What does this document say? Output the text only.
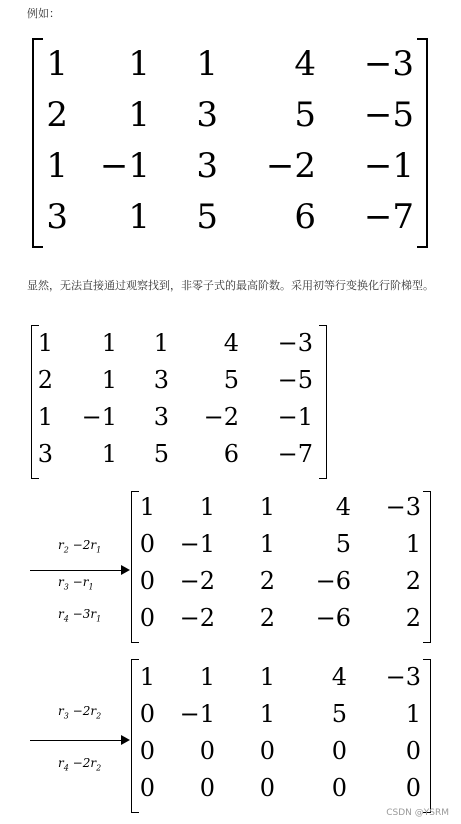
例如：
1 1 1 4 −3
2 1 3 5 −5
1 −1 3 −2 −1
3 1 5 6 −7
显然，无法直接通过观察找到，非零子式的最高阶数。采用初等行变换化行阶梯型。
1 1 1 4 −3
2 1 3 5 −5
1 −1 3 −2 −1
3 1 5 6 −7
$r_2 -2r_1$
$r_3 -r_1$
$r_4 -3r_1$
1 1 1	4 −3
0 −1 1	5 1
0 −2 2 −6 2
0 −2 2 −6 2
$r_3 -2r_2$
$r_4 -2r_2$
1 1 1 4 −3
0 −1 1 5 1
0 0 0 0 0
0 0 0 0 0
CSDN @YSRM
